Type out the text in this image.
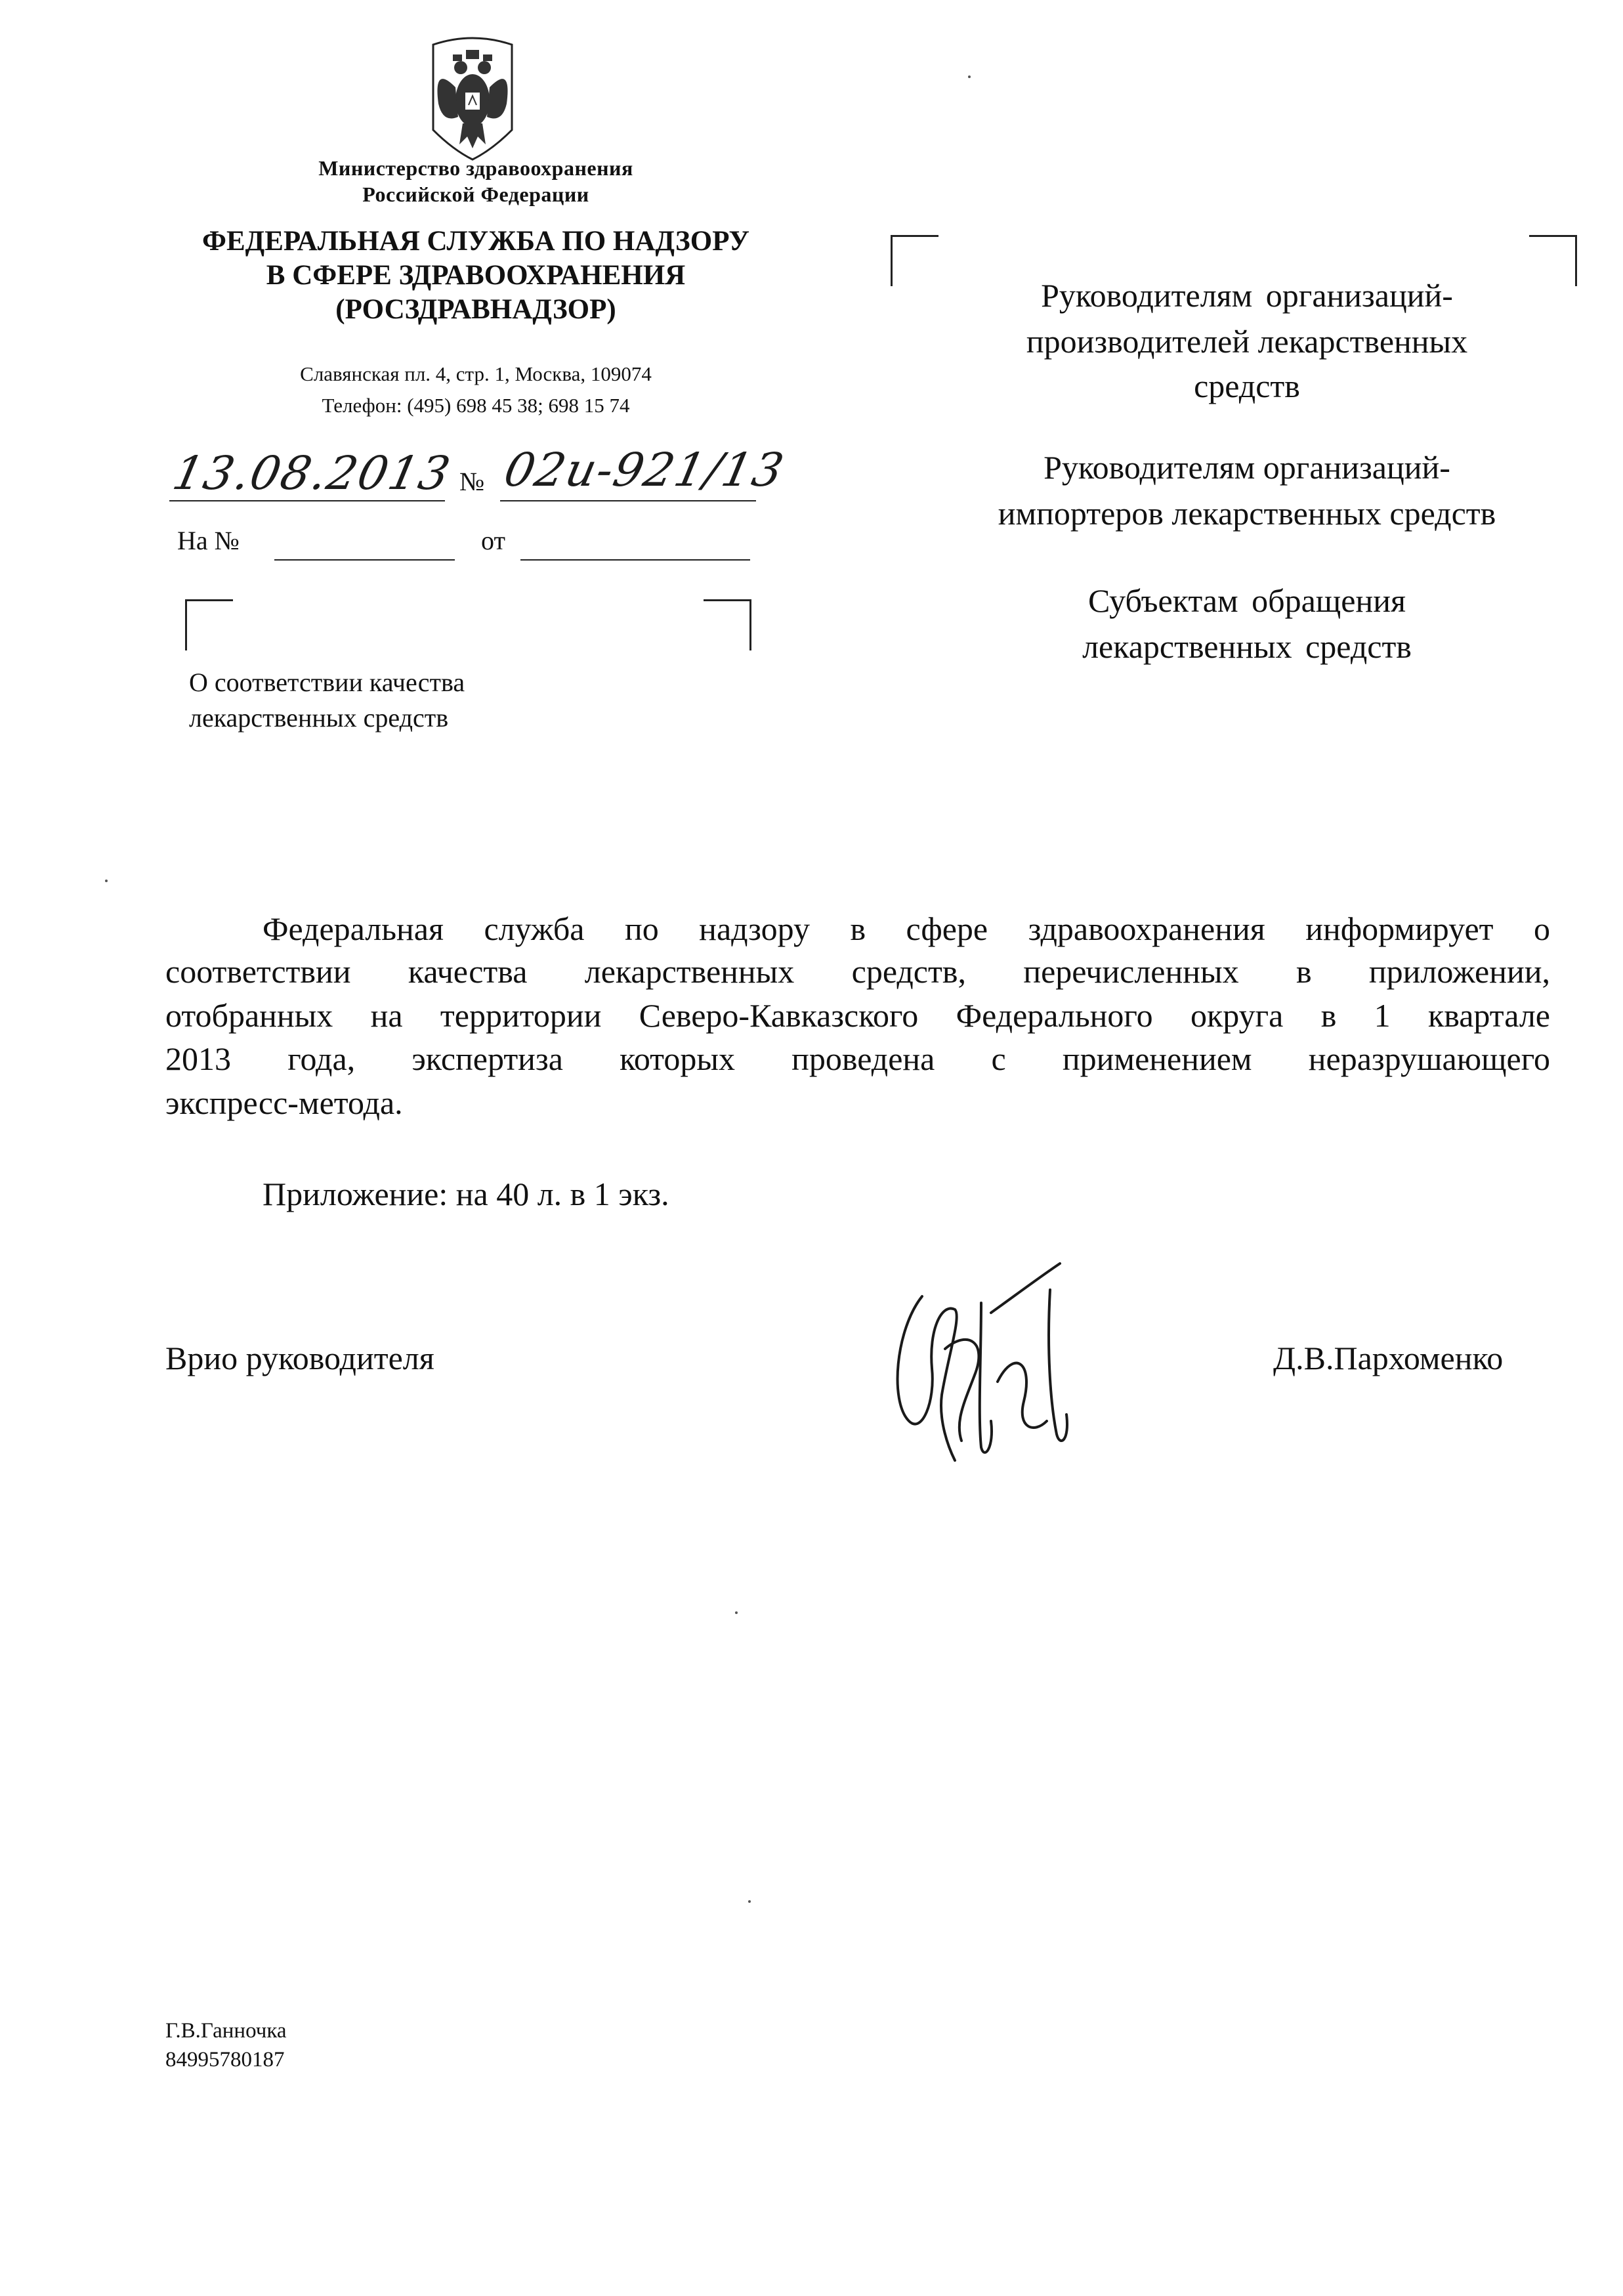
Министерство здравоохранения
Российской Федерации
ФЕДЕРАЛЬНАЯ СЛУЖБА ПО НАДЗОРУ
В СФЕРЕ ЗДРАВООХРАНЕНИЯ
(РОСЗДРАВНАДЗОР)
Славянская пл. 4, стр. 1, Москва, 109074
Телефон: (495) 698 45 38; 698 15 74
13.08.2013 № 02и-921/13
На №	от
О соответствии качества
лекарственных средств
Руководителям организаций-
производителей лекарственных
средств
Руководителям организаций-
импортеров лекарственных средств
Субъектам обращения
лекарственных средств
Федеральная служба по надзору в сфере здравоохранения информирует о
соответствии качества лекарственных средств, перечисленных в приложении,
отобранных на территории Северо-Кавказского Федерального округа в 1 квартале
2013 года, экспертиза которых проведена с применением неразрушающего
экспресс-метода.
Приложение: на 40 л. в 1 экз.
Врио руководителя	Д.В.Пархоменко
Г.В.Ганночка
84995780187
